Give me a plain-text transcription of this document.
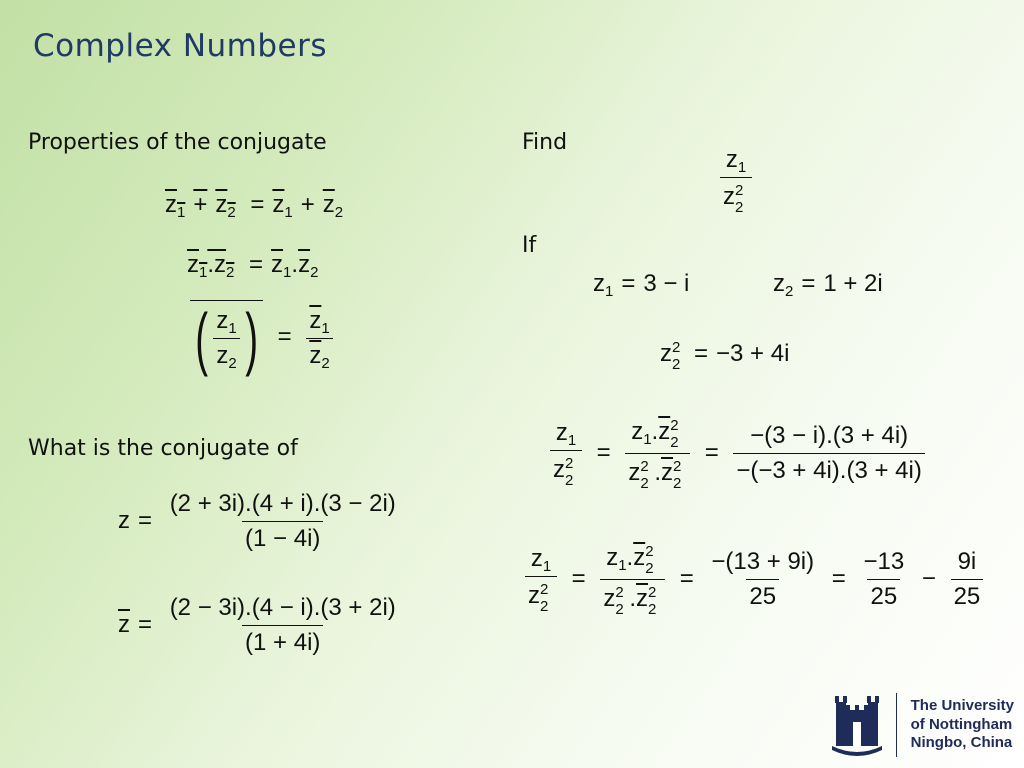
Complex Numbers
Properties of the conjugate
$z_1 + z_2 = \overline{z}_1 + \overline{z}_2$
$z_1.z_2 = \overline{z}_1.\overline{z}_2$
( $\frac{z_1}{z_2}$ ) = $\frac{\overline{z}_1}{\overline{z}_2}$
What is the conjugate of
$z = \frac{(2 + 3i).(4 + i).(3 - 2i)}{(1 - 4i)}$
$\overline{z} = \frac{(2 - 3i).(4 - i).(3 + 2i)}{(1 + 4i)}$
Find
$z_1$
z 2
2
If
$z_1 = 3 - i$	$z_2 = 1 + 2i$
z 2
2 = −3 + 4i
$z_1$
z 2
$2 = z_1.\overline{z}$ 2
2
z 2
2 $.\overline{z}$ 2
$2 = \frac{-(3 - i).(3 + 4i)}{-(-3 + 4i).(3 + 4i)}$
$z_1$
z 2
$2 = z_1.\overline{z}$ 2
2
z 2
2 $.\overline{z}$ 2
$2 = \frac{-(13 + 9i)}{25} = \frac{-13}{25} - \frac{9i}{25}$
The University
of Nottingham
Ningbo, China
